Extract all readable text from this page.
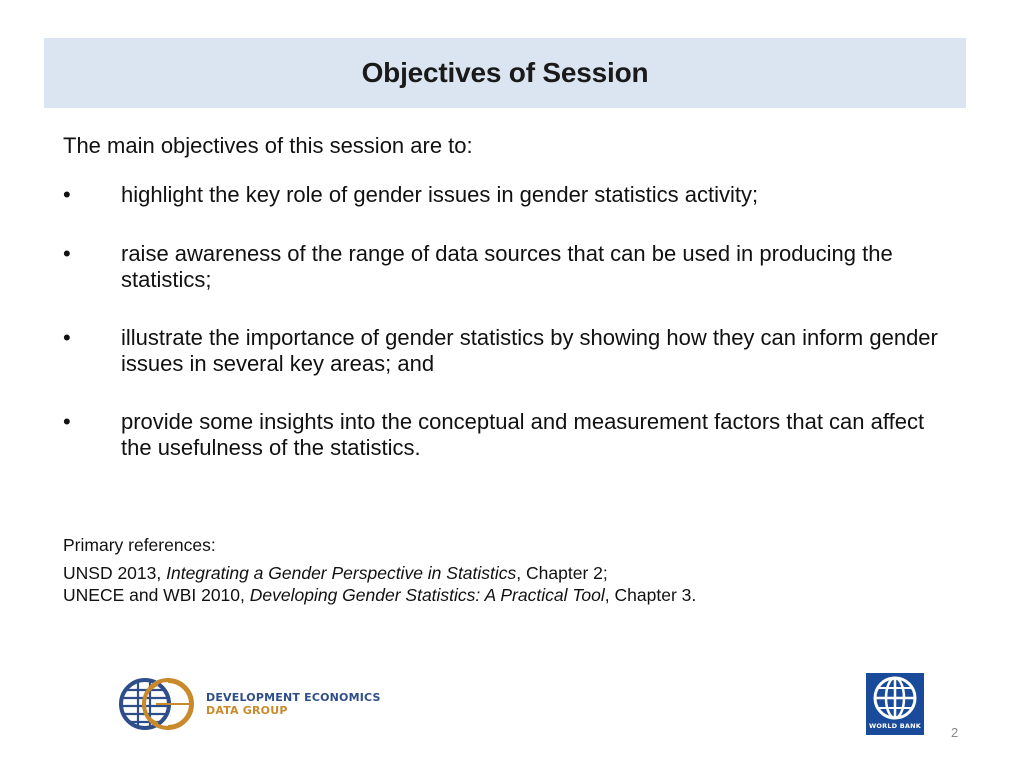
Objectives of Session

The main objectives of this session are to:

•	highlight the key role of gender issues in gender statistics activity;
•	raise awareness of the range of data sources that can be used in producing the statistics;
•	illustrate the importance of gender statistics by showing how they can inform gender issues in several key areas; and
•	provide some insights into the conceptual and measurement factors that can affect the usefulness of the statistics.

Primary references:

UNSD 2013, Integrating a Gender Perspective in Statistics, Chapter 2;

UNECE and WBI 2010, Developing Gender Statistics: A Practical Tool, Chapter 3.

DEVELOPMENT ECONOMICS
DATA GROUP
WORLD BANK 2
